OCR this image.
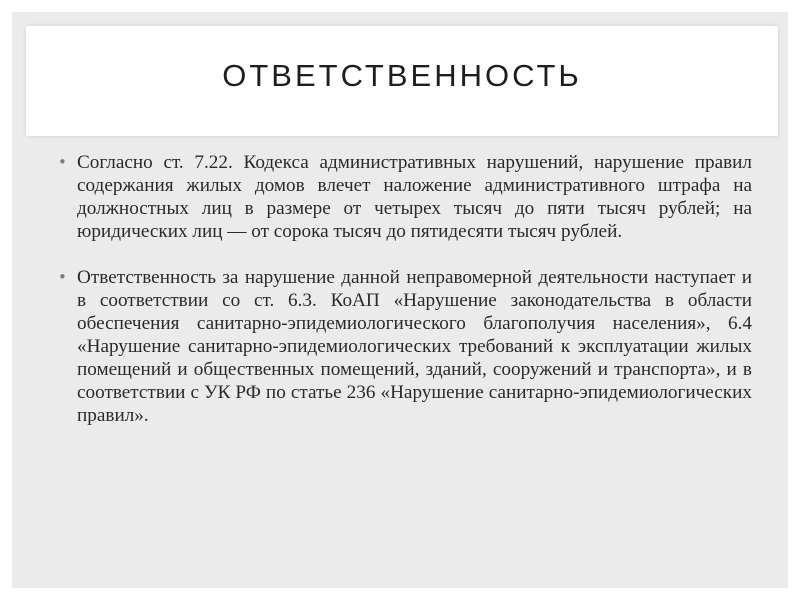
ОТВЕТСТВЕННОСТЬ
• Согласно ст. 7.22. Кодекса административных нарушений, нарушение правил содержания жилых домов влечет наложение административного штрафа на должностных лиц в размере от четырех тысяч до пяти тысяч рублей; на юридических лиц — от сорока тысяч до пятидесяти тысяч рублей.
• Ответственность за нарушение данной неправомерной деятельности наступает и в соответствии со ст. 6.3. КоАП «Нарушение законодательства в области обеспечения санитарно-эпидемиологического благополучия населения», 6.4 «Нарушение санитарно-эпидемиологических требований к эксплуатации жилых помещений и общественных помещений, зданий, сооружений и транспорта», и в соответствии с УК РФ по статье 236 «Нарушение санитарно-эпидемиологических правил».
